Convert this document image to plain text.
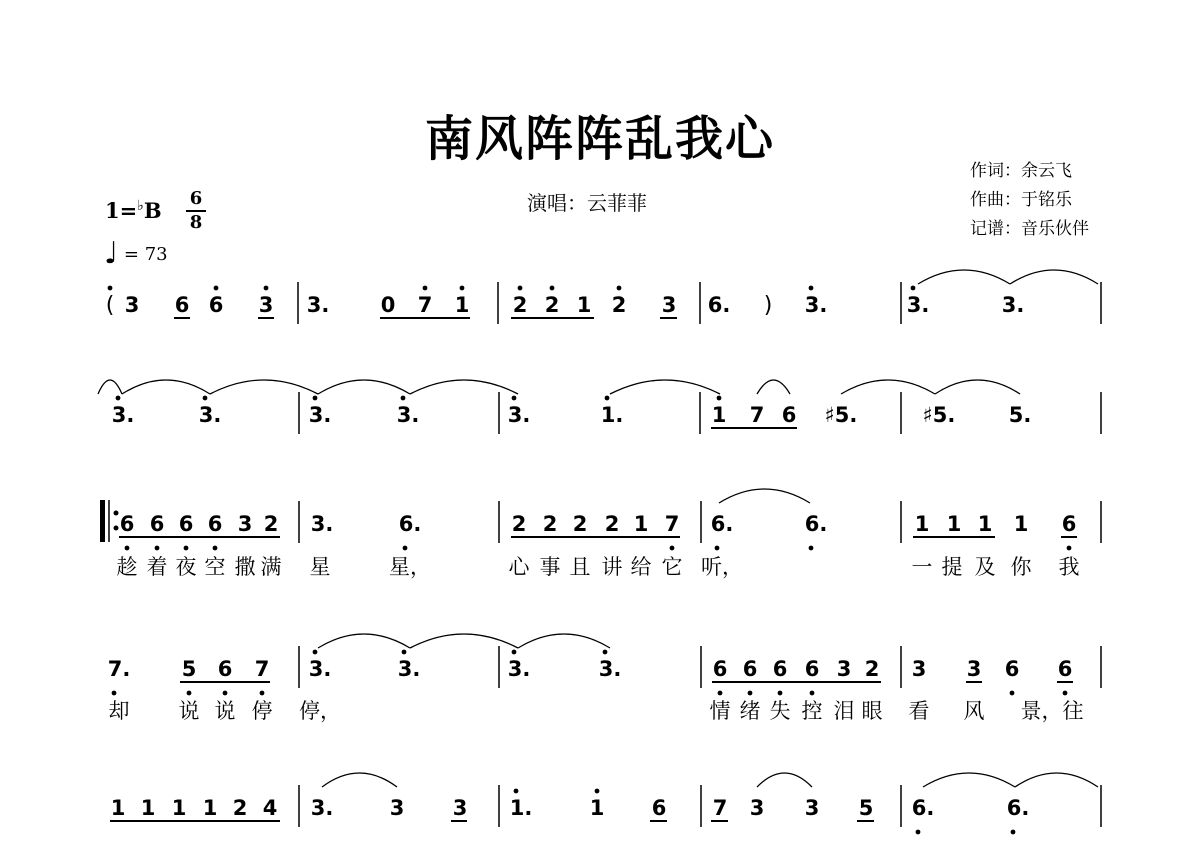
南风阵阵乱我心
演唱：云菲菲
作词：余云飞
作曲：于铭乐
记谱：音乐伙伴
1=♭B 6
8
♩ = 73
( 3 6 6 3 3. 0 7 1 2 2 1 2 3 6. ) 3.	3.	3.
3.	3.	3.	3.	3.	1.	1 7 6 ♯5.	♯5.	5.
6 6 6 6 3 2 3.	6.	2 2 2 2 1 7 6.	6.	1 1 1 1 6
7. 5 6 7 3.	3.	3.	3.	6 6 6 6 3 2 3 3 6 6
1 1 1 1 2 4 3.	3 3 1.	1 6 7 3 3 5 6.	6.
趁 着 夜 空 撒 满 星	星，	心 事 且 讲 给 它 听，	一 提 及 你 我
却 说 说 停 停，	情 绪 失 控 泪 眼 看 风 景，往
